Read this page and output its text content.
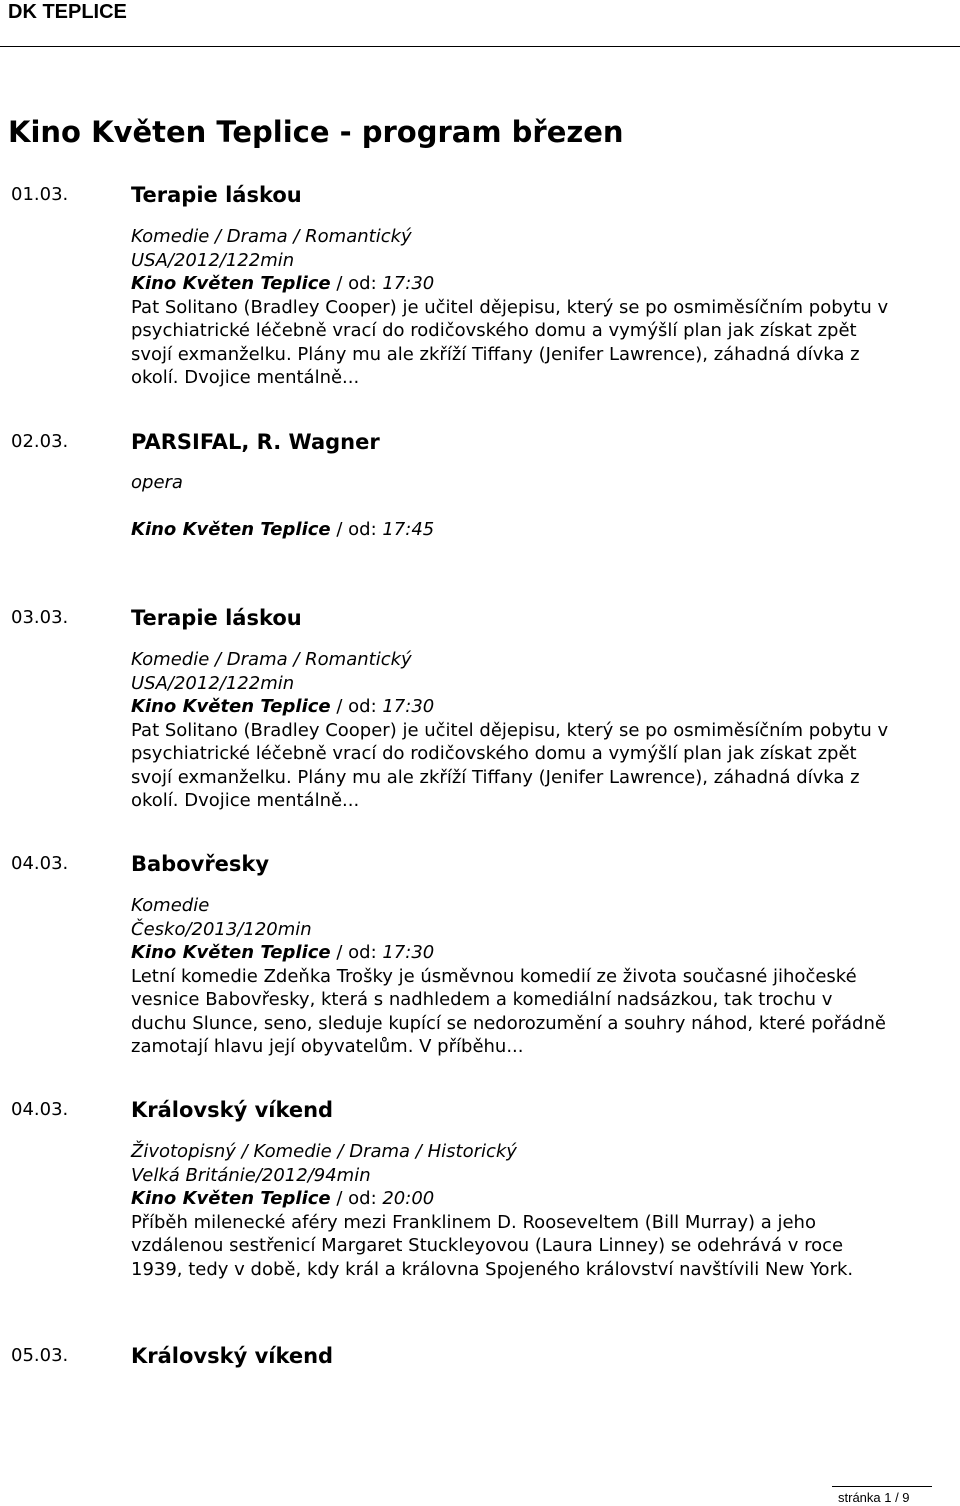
DK TEPLICE
Kino Květen Teplice - program březen
01.03.	Terapie láskou
Komedie / Drama / Romantický
USA/2012/122min
Kino Květen Teplice / od: 17:30
Pat Solitano (Bradley Cooper) je učitel dějepisu, který se po osmiměsíčním pobytu v psychiatrické léčebně vrací do rodičovského domu a vymýšlí plan jak získat zpět svojí exmanželku. Plány mu ale zkříží Tiffany (Jenifer Lawrence), záhadná dívka z okolí. Dvojice mentálně...
02.03.	PARSIFAL, R. Wagner
opera
Kino Květen Teplice / od: 17:45
03.03.	Terapie láskou
Komedie / Drama / Romantický
USA/2012/122min
Kino Květen Teplice / od: 17:30
Pat Solitano (Bradley Cooper) je učitel dějepisu, který se po osmiměsíčním pobytu v psychiatrické léčebně vrací do rodičovského domu a vymýšlí plan jak získat zpět svojí exmanželku. Plány mu ale zkříží Tiffany (Jenifer Lawrence), záhadná dívka z okolí. Dvojice mentálně...
04.03.	Babovřesky
Komedie
Česko/2013/120min
Kino Květen Teplice / od: 17:30
Letní komedie Zdeňka Trošky je úsměvnou komedií ze života současné jihočeské vesnice Babovřesky, která s nadhledem a komediální nadsázkou, tak trochu v duchu Slunce, seno, sleduje kupící se nedorozumění a souhry náhod, které pořádně zamotají hlavu její obyvatelům. V příběhu...
04.03.	Královský víkend
Životopisný / Komedie / Drama / Historický
Velká Británie/2012/94min
Kino Květen Teplice / od: 20:00
Příběh milenecké aféry mezi Franklinem D. Rooseveltem (Bill Murray) a jeho vzdálenou sestřenicí Margaret Stuckleyovou (Laura Linney) se odehrává v roce 1939, tedy v době, kdy král a královna Spojeného království navštívili New York.
05.03.	Královský víkend
stránka 1 / 9
